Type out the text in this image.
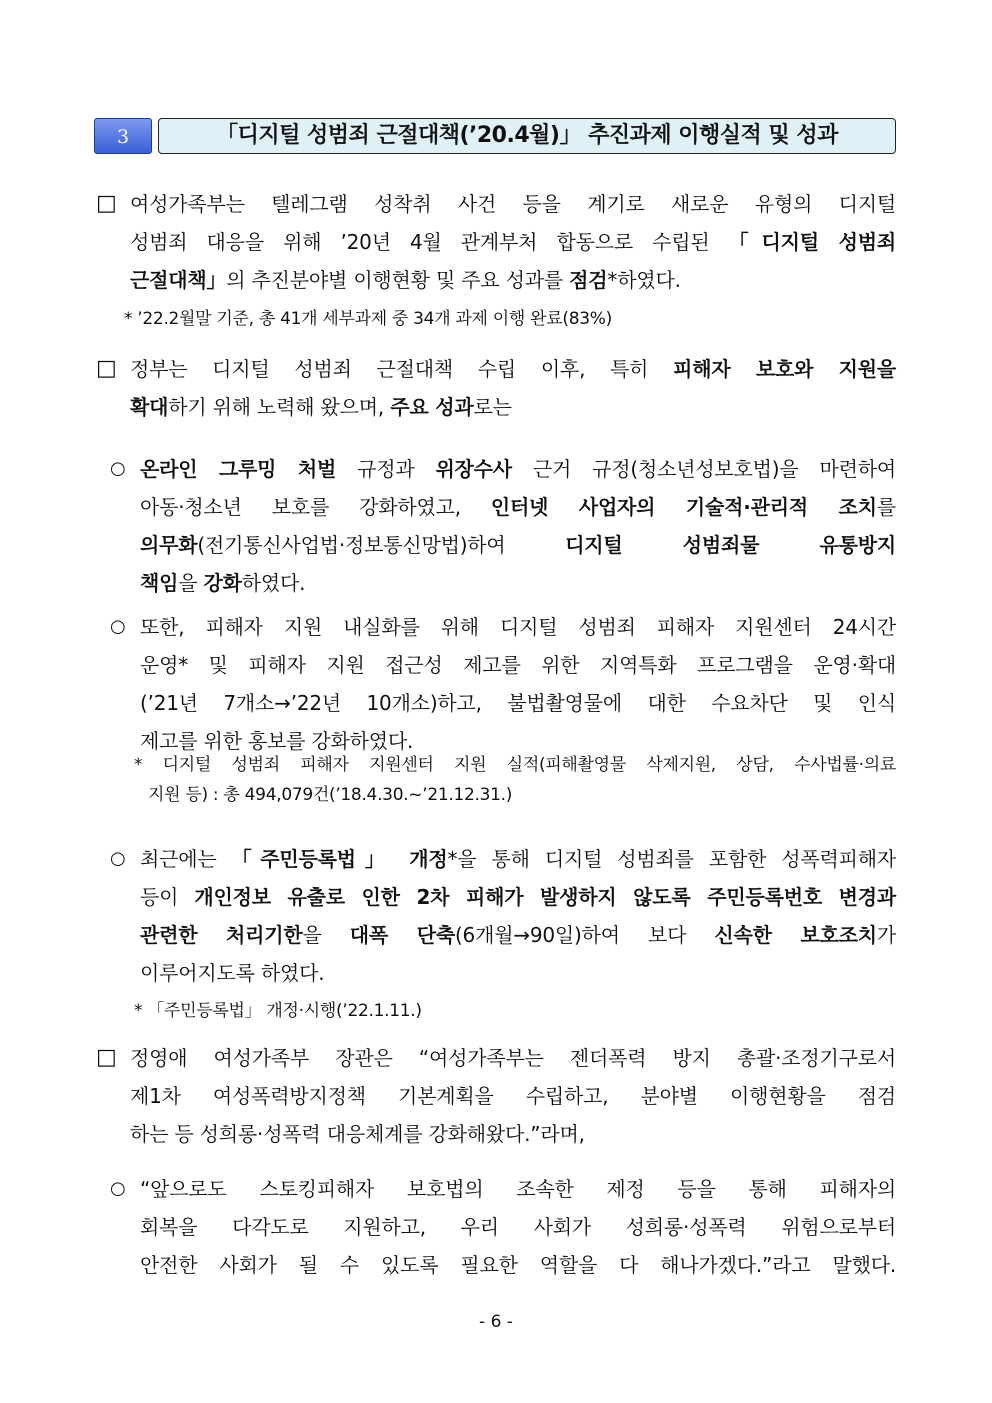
3	「디지털 성범죄 근절대책(’20.4월)」 추진과제 이행실적 및 성과
□ 여성가족부는 텔레그램 성착취 사건 등을 계기로 새로운 유형의 디지털
성범죄 대응을 위해 ’20년 4월 관계부처 합동으로 수립된 「디지털 성범죄
근절대책」의 추진분야별 이행현황 및 주요 성과를 점검*하였다.
* ’22.2월말 기준, 총 41개 세부과제 중 34개 과제 이행 완료(83%)
□ 정부는 디지털 성범죄 근절대책 수립 이후, 특히 피해자 보호와 지원을
확대하기 위해 노력해 왔으며, 주요 성과로는
○ 온라인 그루밍 처벌 규정과 위장수사 근거 규정(청소년성보호법)을 마련하여
아동·청소년 보호를 강화하였고, 인터넷 사업자의 기술적·관리적 조치를
의무화(전기통신사업법·정보통신망법)하여 디지털 성범죄물 유통방지
책임을 강화하였다.
○ 또한, 피해자 지원 내실화를 위해 디지털 성범죄 피해자 지원센터 24시간
운영* 및 피해자 지원 접근성 제고를 위한 지역특화 프로그램을 운영·확대
(’21년 7개소→’22년 10개소)하고, 불법촬영물에 대한 수요차단 및 인식
제고를 위한 홍보를 강화하였다.
* 디지털 성범죄 피해자 지원센터 지원 실적(피해촬영물 삭제지원, 상담, 수사법률·의료
지원 등) : 총 494,079건(’18.4.30.~’21.12.31.)
○ 최근에는 「주민등록법」 개정*을 통해 디지털 성범죄를 포함한 성폭력피해자
등이 개인정보 유출로 인한 2차 피해가 발생하지 않도록 주민등록번호 변경과
관련한 처리기한을 대폭 단축(6개월→90일)하여 보다 신속한 보호조치가
이루어지도록 하였다.
* 「주민등록법」 개정·시행(’22.1.11.)
□ 정영애 여성가족부 장관은 “여성가족부는 젠더폭력 방지 총괄·조정기구로서
제1차 여성폭력방지정책 기본계획을 수립하고, 분야별 이행현황을 점검
하는 등 성희롱·성폭력 대응체계를 강화해왔다.”라며,
○ “앞으로도 스토킹피해자 보호법의 조속한 제정 등을 통해 피해자의
회복을 다각도로 지원하고, 우리 사회가 성희롱·성폭력 위험으로부터
안전한 사회가 될 수 있도록 필요한 역할을 다 해나가겠다.”라고 말했다.
- 6 -
